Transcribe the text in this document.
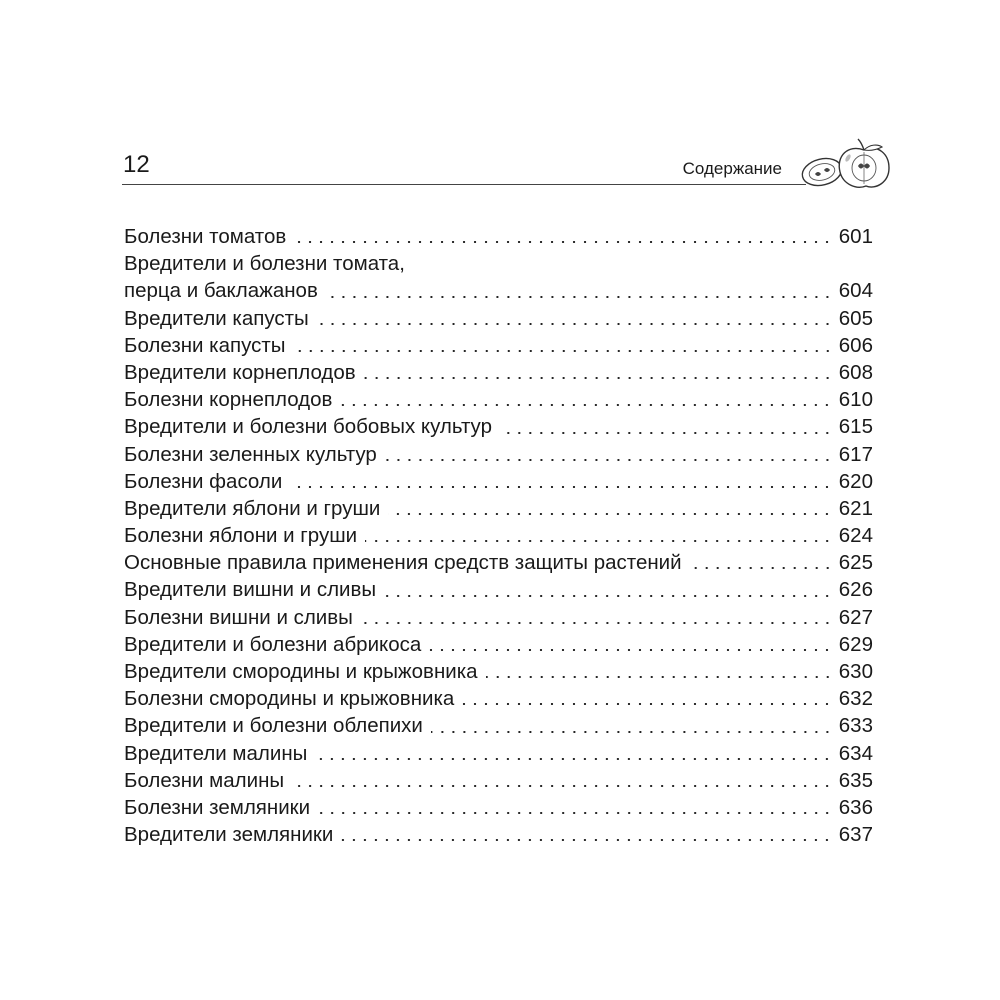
12	Содержание
Болезни томатов	601
Вредители и болезни томата,
перца и баклажанов	604
Вредители капусты	605
Болезни капусты	606
Вредители корнеплодов	608
Болезни корнеплодов	610
Вредители и болезни бобовых культур	615
Болезни зеленных культур	617
Болезни фасоли	620
Вредители яблони и груши	621
Болезни яблони и груши	624
Основные правила применения средств защиты растений	625
Вредители вишни и сливы	626
Болезни вишни и сливы	627
Вредители и болезни абрикоса	629
Вредители смородины и крыжовника	630
Болезни смородины и крыжовника	632
Вредители и болезни облепихи	633
Вредители малины	634
Болезни малины	635
Болезни земляники	636
Вредители земляники	637
